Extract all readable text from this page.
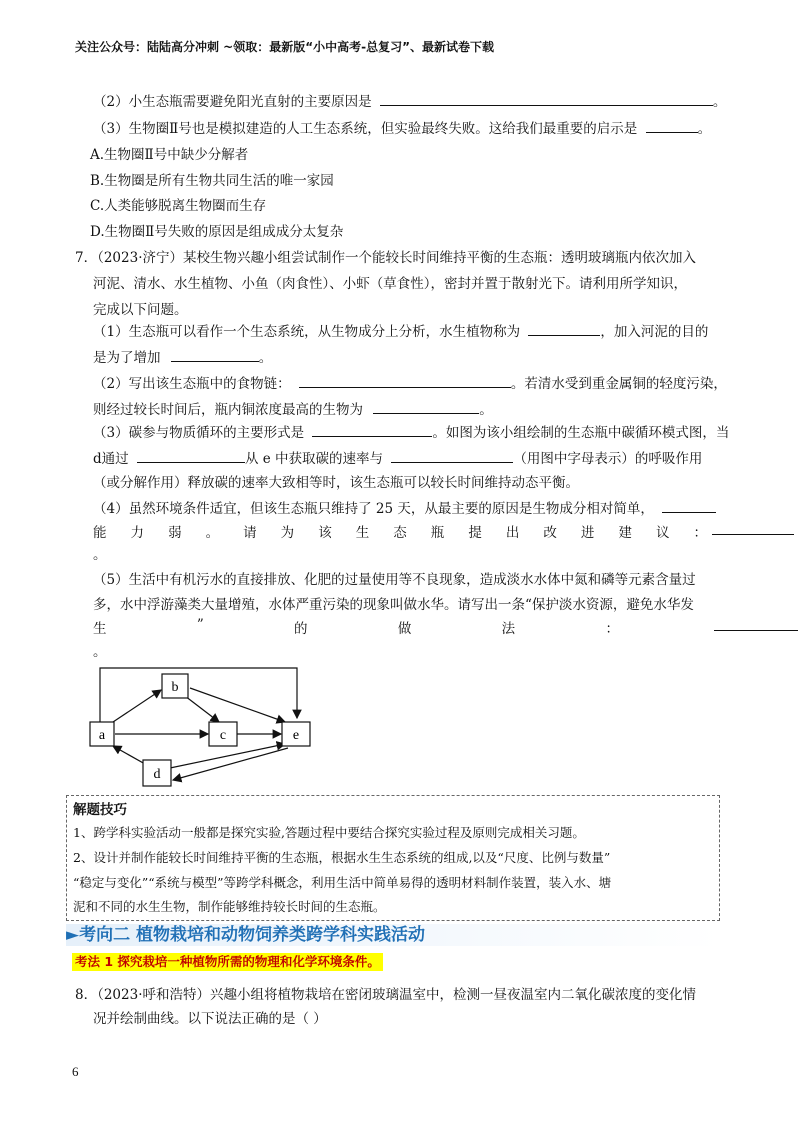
关注公众号：陆陆高分冲刺 ~领取：最新版“小中高考-总复习”、最新试卷下载
（2）小生态瓶需要避免阳光直射的主要原因是	。
（3）生物圈Ⅱ号也是模拟建造的人工生态系统，但实验最终失败。这给我们最重要的启示是	。
A.生物圈Ⅱ号中缺少分解者
B.生物圈是所有生物共同生活的唯一家园
C.人类能够脱离生物圈而生存
D.生物圈Ⅱ号失败的原因是组成成分太复杂
7．（2023·济宁）某校生物兴趣小组尝试制作一个能较长时间维持平衡的生态瓶：透明玻璃瓶内依次加入
河泥、清水、水生植物、小鱼（肉食性）、小虾（草食性），密封并置于散射光下。请利用所学知识，
完成以下问题。
（1）生态瓶可以看作一个生态系统，从生物成分上分析，水生植物称为	，加入河泥的目的
是为了增加	。
（2）写出该生态瓶中的食物链：	。若清水受到重金属铜的轻度污染，
则经过较长时间后，瓶内铜浓度最高的生物为	。
（3）碳参与物质循环的主要形式是	。如图为该小组绘制的生态瓶中碳循环模式图，当
d通过	从 e 中获取碳的速率与	（用图中字母表示）的呼吸作用
（或分解作用）释放碳的速率大致相等时，该生态瓶可以较长时间维持动态平衡。
（4）虽然环境条件适宜，但该生态瓶只维持了 25 天，从最主要的原因是生物成分相对简单，
能 力 弱 。 请 为 该 生 态 瓶 提 出 改 进 建 议 ：
。
（5）生活中有机污水的直接排放、化肥的过量使用等不良现象，造成淡水水体中氮和磷等元素含量过
多，水中浮游藻类大量增殖，水体严重污染的现象叫做水华。请写出一条“保护淡水资源，避免水华发
生	”	的	做	法	：
。
a
b
c
d
e
解题技巧
1、跨学科实验活动一般都是探究实验,答题过程中要结合探究实验过程及原则完成相关习题。
2、设计并制作能较长时间维持平衡的生态瓶，根据水生生态系统的组成,以及“尺度、比例与数量”
“稳定与变化”“系统与模型”等跨学科概念，利用生活中简单易得的透明材料制作装置，装入水、塘
泥和不同的水生生物，制作能够维持较长时间的生态瓶。
►考向二 植物栽培和动物饲养类跨学科实践活动
考法 1 探究栽培一种植物所需的物理和化学环境条件。
8．（2023·呼和浩特）兴趣小组将植物栽培在密闭玻璃温室中，检测一昼夜温室内二氧化碳浓度的变化情
况并绘制曲线。以下说法正确的是（ ）
6
